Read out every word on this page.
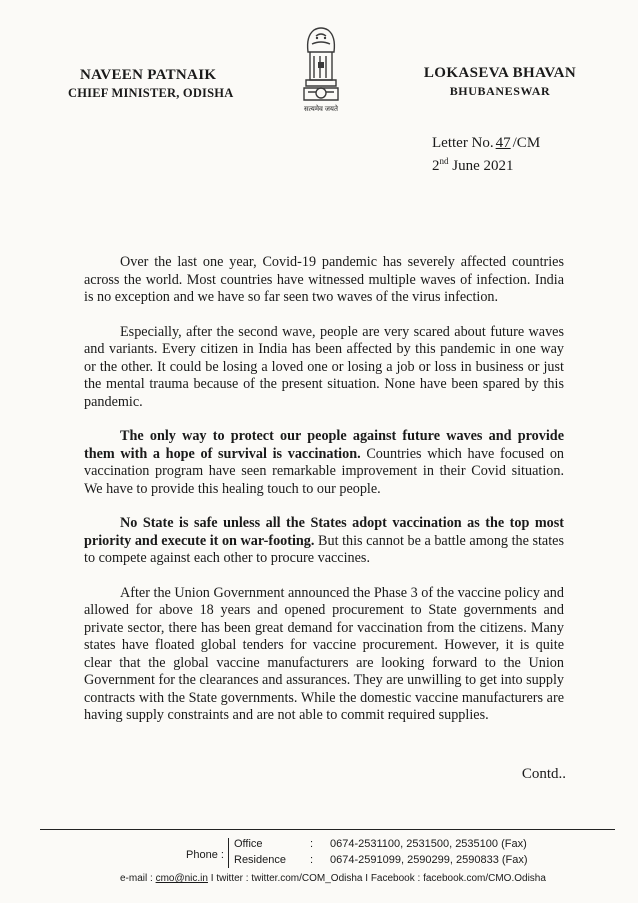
NAVEEN PATNAIK
CHIEF MINISTER, ODISHA
सत्यमेव जयते
LOKASEVA BHAVAN
BHUBANESWAR
Letter No. 47 /CM
2nd June 2021

Over the last one year, Covid-19 pandemic has severely affected countries across the world. Most countries have witnessed multiple waves of infection. India is no exception and we have so far seen two waves of the virus infection.

Especially, after the second wave, people are very scared about future waves and variants. Every citizen in India has been affected by this pandemic in one way or the other. It could be losing a loved one or losing a job or loss in business or just the mental trauma because of the present situation. None have been spared by this pandemic.

The only way to protect our people against future waves and provide them with a hope of survival is vaccination. Countries which have focused on vaccination program have seen remarkable improvement in their Covid situation. We have to provide this healing touch to our people.

No State is safe unless all the States adopt vaccination as the top most priority and execute it on war-footing. But this cannot be a battle among the states to compete against each other to procure vaccines.

After the Union Government announced the Phase 3 of the vaccine policy and allowed for above 18 years and opened procurement to State governments and private sector, there has been great demand for vaccination from the citizens. Many states have floated global tenders for vaccine procurement. However, it is quite clear that the global vaccine manufacturers are looking forward to the Union Government for the clearances and assurances. They are unwilling to get into supply contracts with the State governments. While the domestic vaccine manufacturers are having supply constraints and are not able to commit required supplies.

Contd..
Phone :
Office	: 0674-2531100, 2531500, 2535100 (Fax)
Residence : 0674-2591099, 2590299, 2590833 (Fax)
e-mail : cmo@nic.in I twitter : twitter.com/COM_Odisha I Facebook : facebook.com/CMO.Odisha
